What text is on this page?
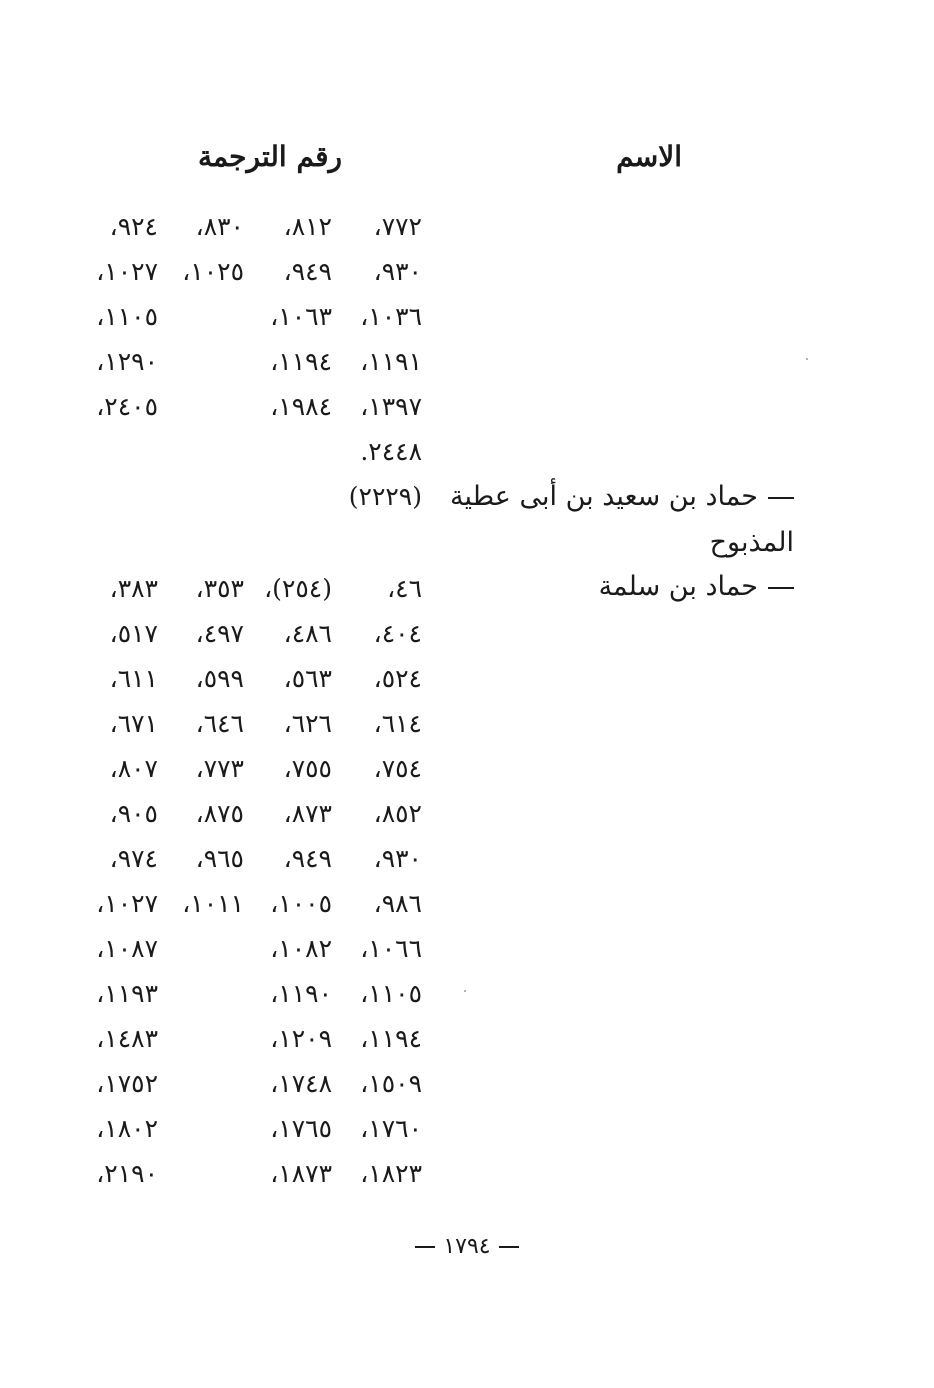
الاسم
رقم الترجمة
حماد بن سعيد بن أبى عطية
المذبوح
حماد بن سلمة
٧٧٢،
٨١٢،
٨٣٠،
٩٢٤،
٩٣٠،
٩٤٩،
١٠٢٥،
١٠٢٧،
١٠٣٦،
١٠٦٣،
١١٠٥،
١١٩١،
١١٩٤،
١٢٩٠،
١٣٩٧،
١٩٨٤،
٢٤٠٥،
٢٤٤٨.
(٢٢٢٩)
٤٦،
(٢٥٤)،
٣٥٣،
٣٨٣،
٤٠٤،
٤٨٦،
٤٩٧،
٥١٧،
٥٢٤،
٥٦٣،
٥٩٩،
٦١١،
٦١٤،
٦٢٦،
٦٤٦،
٦٧١،
٧٥٤،
٧٥٥،
٧٧٣،
٨٠٧،
٨٥٢،
٨٧٣،
٨٧٥،
٩٠٥،
٩٣٠،
٩٤٩،
٩٦٥،
٩٧٤،
٩٨٦،
١٠٠٥،
١٠١١،
١٠٢٧،
١٠٦٦،
١٠٨٢،
١٠٨٧،
١١٠٥،
١١٩٠،
١١٩٣،
١١٩٤،
١٢٠٩،
١٤٨٣،
١٥٠٩،
١٧٤٨،
١٧٥٢،
١٧٦٠،
١٧٦٥،
١٨٠٢،
١٨٢٣،
١٨٧٣،
٢١٩٠،
١٧٩٤
